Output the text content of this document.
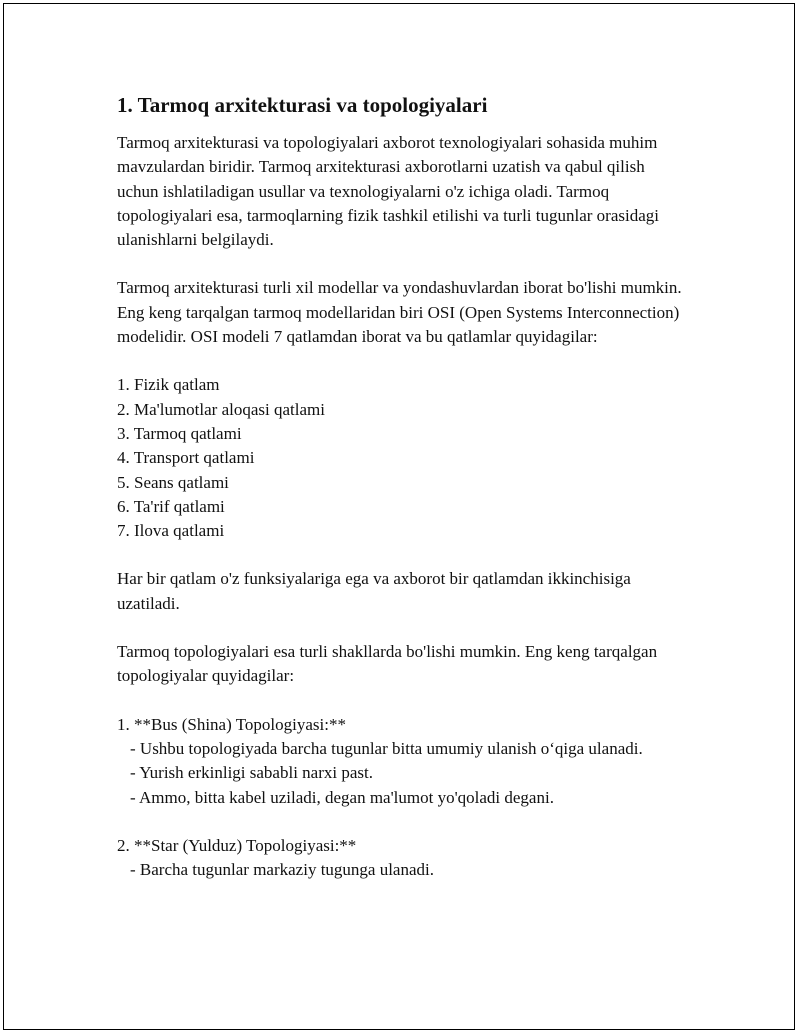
1. Tarmoq arxitekturasi va topologiyalari

Tarmoq arxitekturasi va topologiyalari axborot texnologiyalari sohasida muhim mavzulardan biridir. Tarmoq arxitekturasi axborotlarni uzatish va qabul qilish uchun ishlatiladigan usullar va texnologiyalarni o'z ichiga oladi. Tarmoq topologiyalari esa, tarmoqlarning fizik tashkil etilishi va turli tugunlar orasidagi ulanishlarni belgilaydi.

Tarmoq arxitekturasi turli xil modellar va yondashuvlardan iborat bo'lishi mumkin. Eng keng tarqalgan tarmoq modellaridan biri OSI (Open Systems Interconnection) modelidir. OSI modeli 7 qatlamdan iborat va bu qatlamlar quyidagilar:

1. Fizik qatlam
2. Ma'lumotlar aloqasi qatlami
3. Tarmoq qatlami
4. Transport qatlami
5. Seans qatlami
6. Ta'rif qatlami
7. Ilova qatlami

Har bir qatlam o'z funksiyalariga ega va axborot bir qatlamdan ikkinchisiga uzatiladi.

Tarmoq topologiyalari esa turli shakllarda bo'lishi mumkin. Eng keng tarqalgan topologiyalar quyidagilar:

1. **Bus (Shina) Topologiyasi:**
- Ushbu topologiyada barcha tugunlar bitta umumiy ulanish o‘qiga ulanadi.
- Yurish erkinligi sababli narxi past.
- Ammo, bitta kabel uziladi, degan ma'lumot yo'qoladi degani.
2. **Star (Yulduz) Topologiyasi:**
- Barcha tugunlar markaziy tugunga ulanadi.
